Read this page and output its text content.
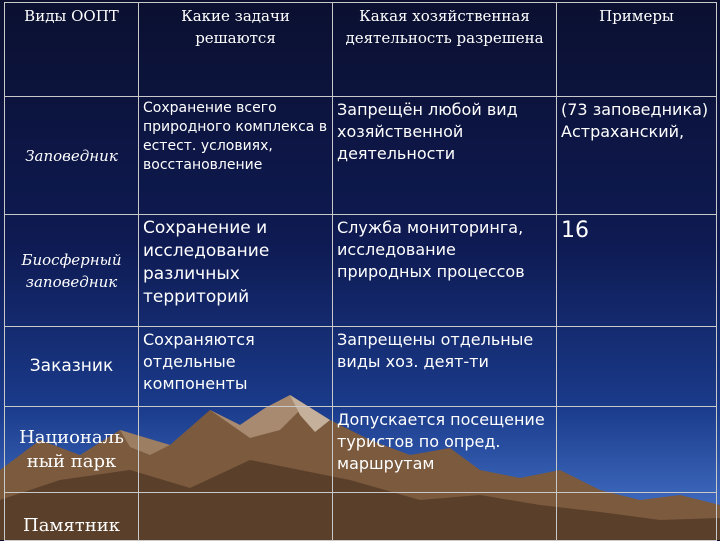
Виды ООПТ	Какие задачи решаются	Какая хозяйственная деятельность разрешена	Примеры
Заповедник	Сохранение всего природного комплекса в естест. условиях, восстановление	Запрещён любой вид хозяйственной деятельности	(73 заповедника) Астраханский,
Биосферный заповедник	Сохранение и исследование различных территорий	Служба мониторинга, исследование природных процессов	16
Заказник	Сохраняются отдельные компоненты	Запрещены отдельные виды хоз. деят-ти	
Националь ный парк		Допускается посещение туристов по опред. маршрутам	
Памятник			
